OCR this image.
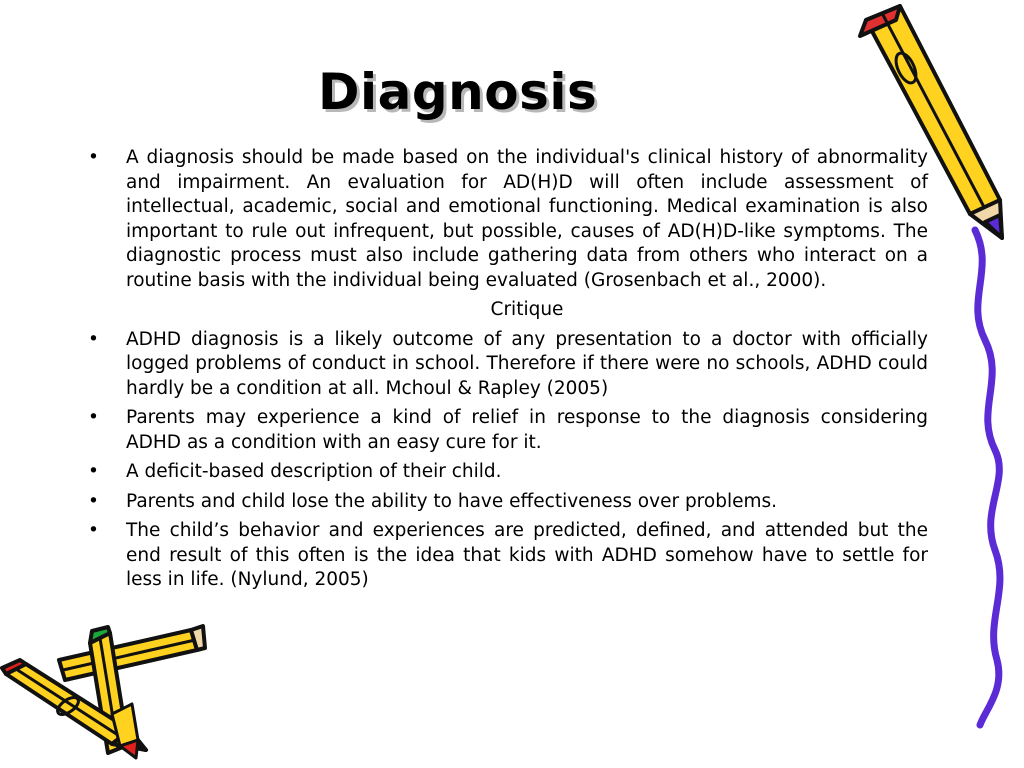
Diagnosis
• A diagnosis should be made based on the individual's clinical history of abnormality and impairment. An evaluation for AD(H)D will often include assessment of intellectual, academic, social and emotional functioning. Medical examination is also important to rule out infrequent, but possible, causes of AD(H)D-like symptoms. The diagnostic process must also include gathering data from others who interact on a routine basis with the individual being evaluated (Grosenbach et al., 2000).
Critique
• ADHD diagnosis is a likely outcome of any presentation to a doctor with officially logged problems of conduct in school. Therefore if there were no schools, ADHD could hardly be a condition at all. Mchoul & Rapley (2005)
• Parents may experience a kind of relief in response to the diagnosis considering ADHD as a condition with an easy cure for it.
• A deficit-based description of their child.
• Parents and child lose the ability to have effectiveness over problems.
• The child’s behavior and experiences are predicted, defined, and attended but the end result of this often is the idea that kids with ADHD somehow have to settle for less in life. (Nylund, 2005)
